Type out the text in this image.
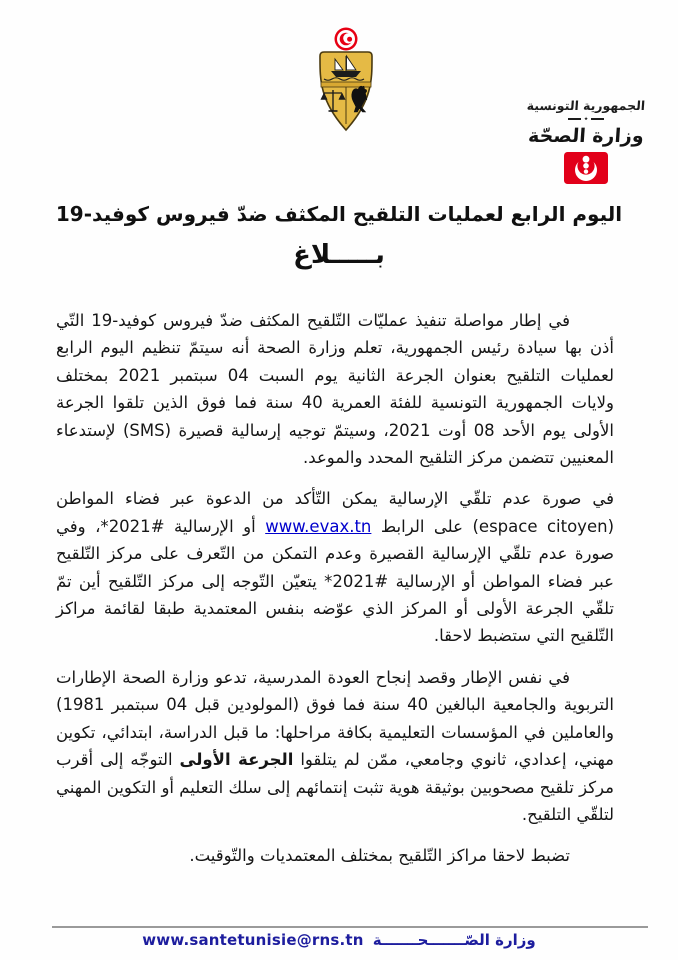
الجمهورية التونسية
٭
وزارة الصحّة
اليوم الرابع لعمليات التلقيح المكثف ضدّ فيروس كوفيد-19
بـــــلاغ

في إطار مواصلة تنفيذ عمليّات التّلقيح المكثف ضدّ فيروس كوفيد-19 التّي أذن بها سيادة رئيس الجمهورية، تعلم وزارة الصحة أنه سيتمّ تنظيم اليوم الرابع لعمليات التلقيح بعنوان الجرعة الثانية يوم السبت 04 سبتمبر 2021 بمختلف ولايات الجمهورية التونسية للفئة العمرية 40 سنة فما فوق الذين تلقوا الجرعة الأولى يوم الأحد 08 أوت 2021، وسيتمّ توجيه إرسالية قصيرة (SMS) لإستدعاء المعنيين تتضمن مركز التلقيح المحدد والموعد.

في صورة عدم تلقّي الإرسالية يمكن التّأكد من الدعوة عبر فضاء المواطن (espace citoyen) على الرابط www.evax.tn أو الإرسالية #2021*، وفي صورة عدم تلقّي الإرسالية القصيرة وعدم التمكن من التّعرف على مركز التّلقيح عبر فضاء المواطن أو الإرسالية #2021* يتعيّن التّوجه إلى مركز التّلقيح أين تمّ تلقّي الجرعة الأولى أو المركز الذي عوّضه بنفس المعتمدية طبقا لقائمة مراكز التّلقيح التي ستضبط لاحقا.

في نفس الإطار وقصد إنجاح العودة المدرسية، تدعو وزارة الصحة الإطارات التربوية والجامعية البالغين 40 سنة فما فوق (المولودين قبل 04 سبتمبر 1981) والعاملين في المؤسسات التعليمية بكافة مراحلها: ما قبل الدراسة، ابتدائي، تكوين مهني، إعدادي، ثانوي وجامعي، ممّن لم يتلقوا الجرعة الأولى التوجّه إلى أقرب مركز تلقيح مصحوبين بوثيقة هوية تثبت إنتمائهم إلى سلك التعليم أو التكوين المهني لتلقّي التلقيح.

تضبط لاحقا مراكز التّلقيح بمختلف المعتمديات والتّوقيت.

وزارة الصّـــــــحـــــــةwww.santetunisie@rns.tn
